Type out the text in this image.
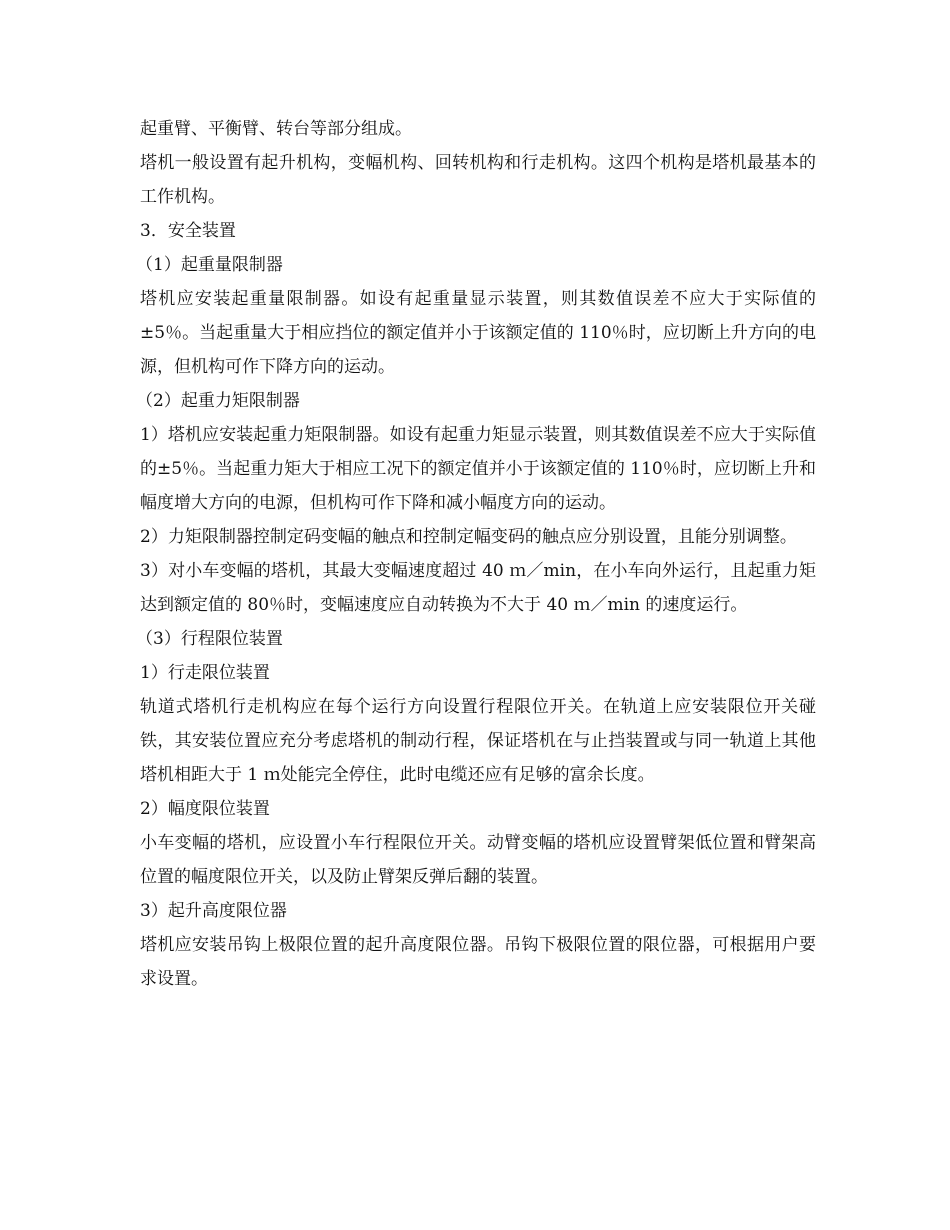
起重臂、平衡臂、转台等部分组成。

塔机一般设置有起升机构，变幅机构、回转机构和行走机构。这四个机构是塔机最基本的工作机构。

3．安全装置

（1）起重量限制器

塔机应安装起重量限制器。如设有起重量显示装置，则其数值误差不应大于实际值的±5％。当起重量大于相应挡位的额定值并小于该额定值的 110％时，应切断上升方向的电源，但机构可作下降方向的运动。

（2）起重力矩限制器

1）塔机应安装起重力矩限制器。如设有起重力矩显示装置，则其数值误差不应大于实际值的±5％。当起重力矩大于相应工况下的额定值并小于该额定值的 110％时，应切断上升和幅度增大方向的电源，但机构可作下降和减小幅度方向的运动。

2）力矩限制器控制定码变幅的触点和控制定幅变码的触点应分别设置，且能分别调整。

3）对小车变幅的塔机，其最大变幅速度超过 40 ｍ／min，在小车向外运行，且起重力矩达到额定值的 80％时，变幅速度应自动转换为不大于 40 ｍ／min 的速度运行。

（3）行程限位装置

1）行走限位装置

轨道式塔机行走机构应在每个运行方向设置行程限位开关。在轨道上应安装限位开关碰铁，其安装位置应充分考虑塔机的制动行程，保证塔机在与止挡装置或与同一轨道上其他塔机相距大于 1 ｍ处能完全停住，此时电缆还应有足够的富余长度。

2）幅度限位装置

小车变幅的塔机，应设置小车行程限位开关。动臂变幅的塔机应设置臂架低位置和臂架高位置的幅度限位开关，以及防止臂架反弹后翻的装置。

3）起升高度限位器

塔机应安装吊钩上极限位置的起升高度限位器。吊钩下极限位置的限位器，可根据用户要求设置。
